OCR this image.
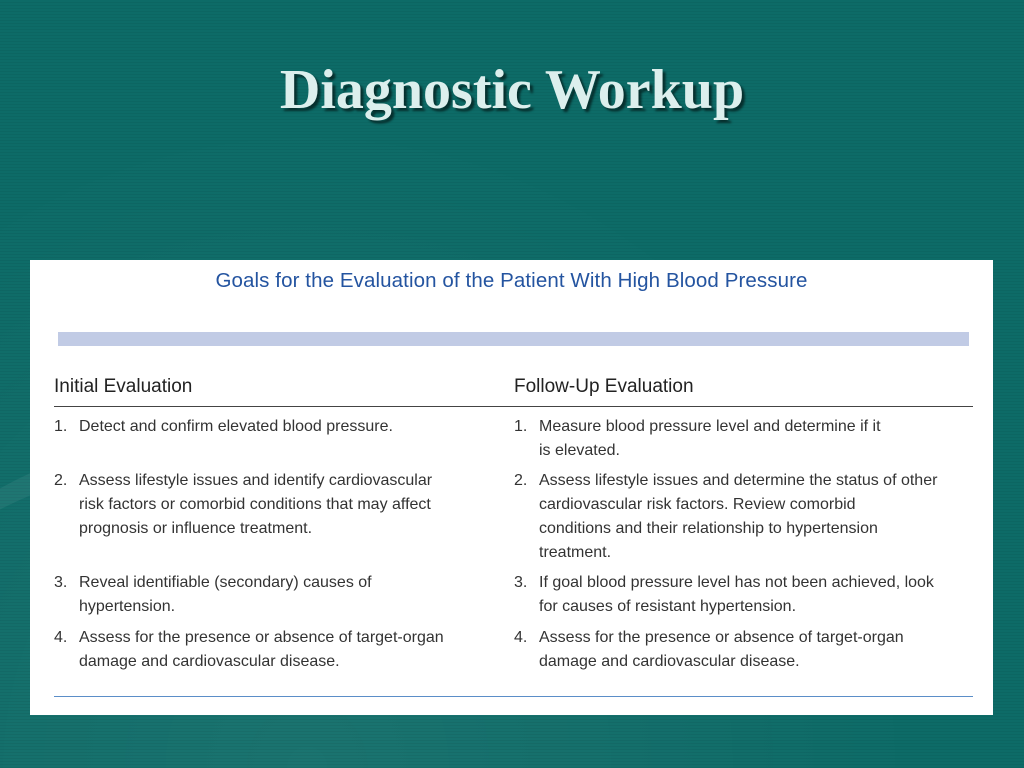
Diagnostic Workup
Goals for the Evaluation of the Patient With High Blood Pressure
Initial Evaluation	Follow-Up Evaluation
1. Detect and confirm elevated blood pressure.
2. Assess lifestyle issues and identify cardiovascular
risk factors or comorbid conditions that may affect
prognosis or influence treatment.
3. Reveal identifiable (secondary) causes of
hypertension.
4. Assess for the presence or absence of target-organ
damage and cardiovascular disease.
1. Measure blood pressure level and determine if it
is elevated.
2. Assess lifestyle issues and determine the status of other
cardiovascular risk factors. Review comorbid
conditions and their relationship to hypertension
treatment.
3. If goal blood pressure level has not been achieved, look
for causes of resistant hypertension.
4. Assess for the presence or absence of target-organ
damage and cardiovascular disease.
